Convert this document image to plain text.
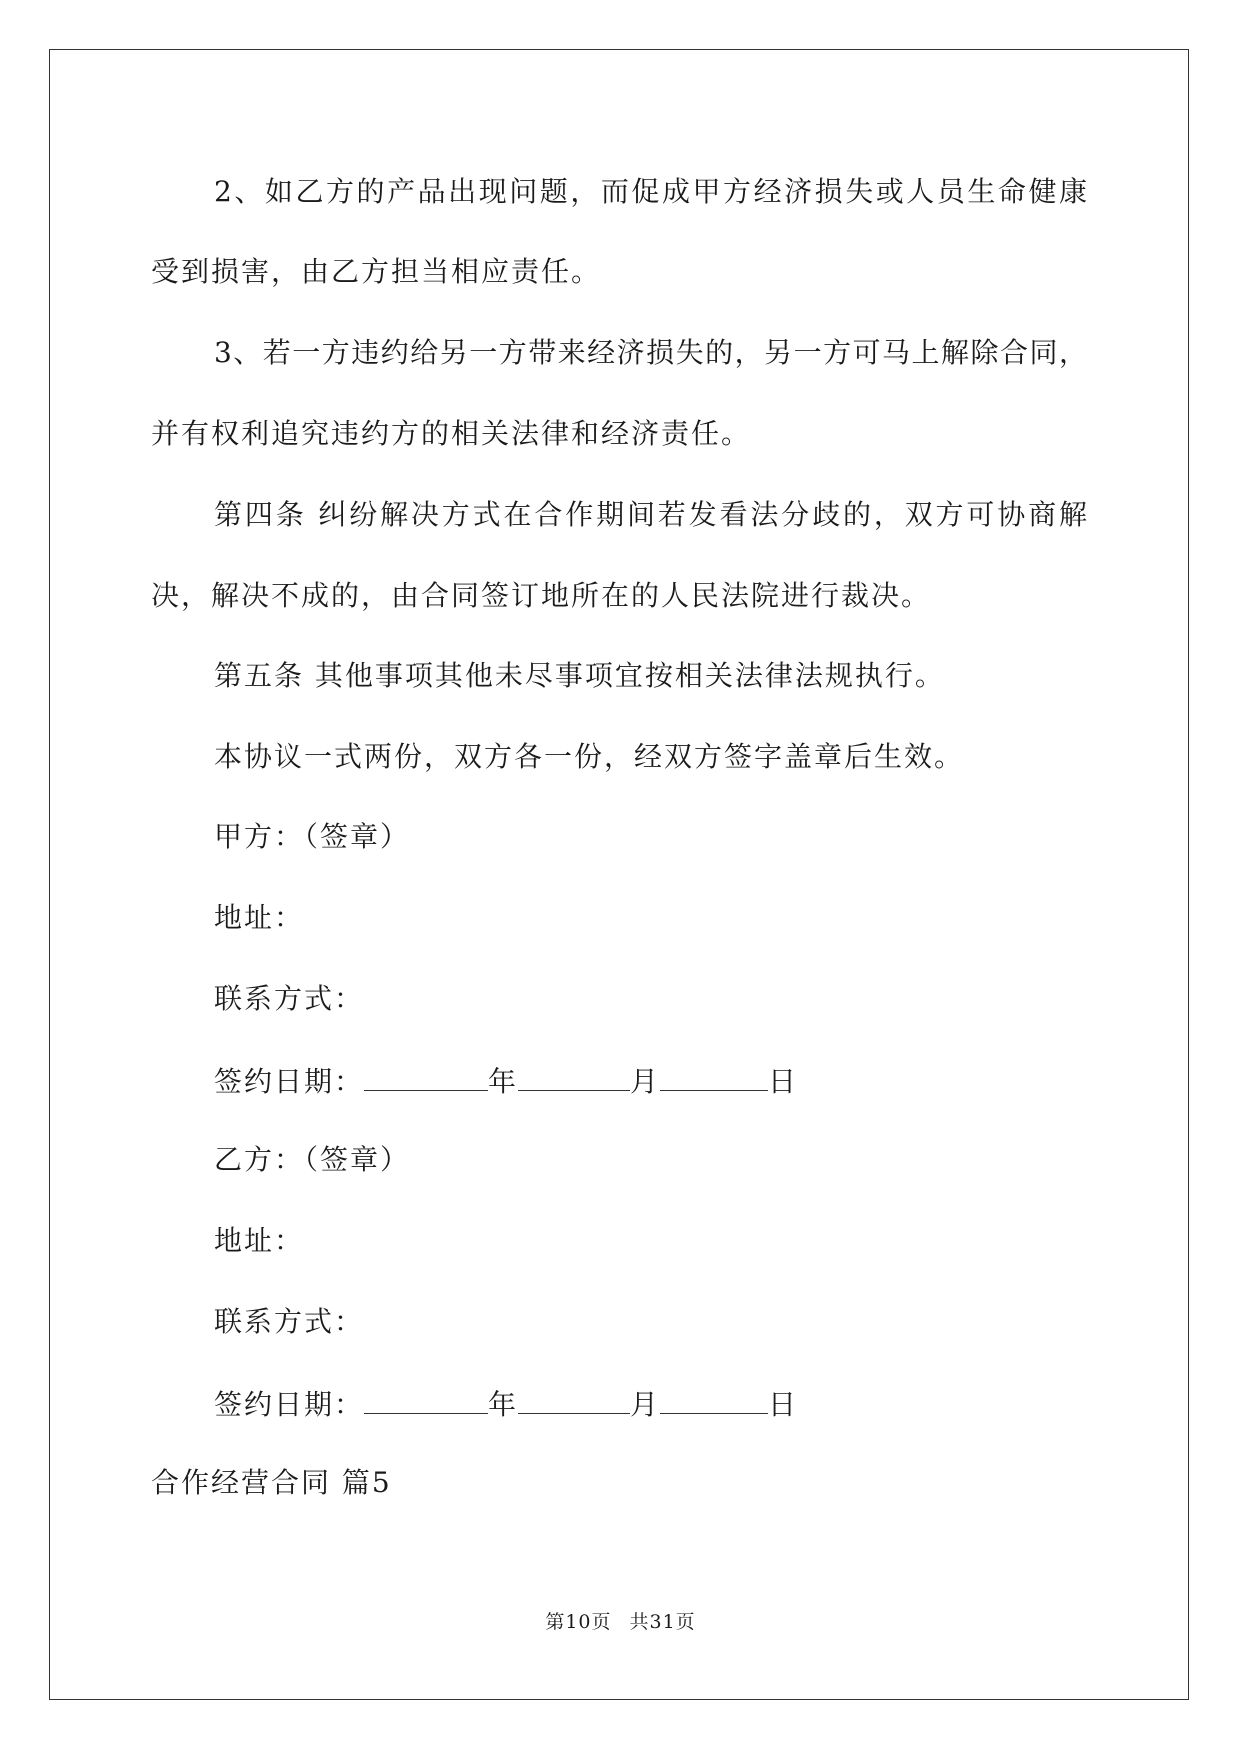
2、如乙方的产品出现问题，而促成甲方经济损失或人员生命健康
受到损害，由乙方担当相应责任。
3、若一方违约给另一方带来经济损失的，另一方可马上解除合同，
并有权利追究违约方的相关法律和经济责任。
第四条 纠纷解决方式在合作期间若发看法分歧的，双方可协商解
决，解决不成的，由合同签订地所在的人民法院进行裁决。
第五条 其他事项其他未尽事项宜按相关法律法规执行。
本协议一式两份，双方各一份，经双方签字盖章后生效。
甲方：（签章）
地址：
联系方式：
签约日期：	年	月	日
乙方：（签章）
地址：
联系方式：
签约日期：	年	月	日
合作经营合同 篇5
第10页 共31页
